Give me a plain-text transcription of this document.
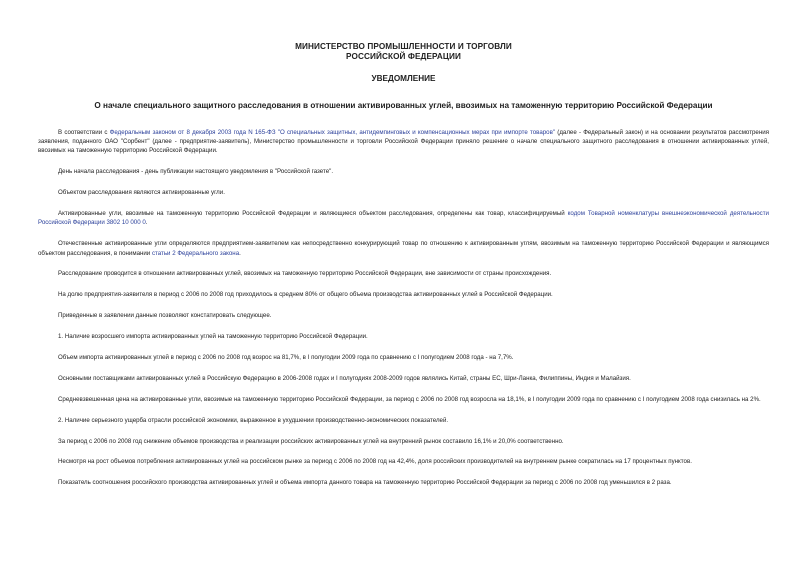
МИНИСТЕРСТВО ПРОМЫШЛЕННОСТИ И ТОРГОВЛИ
РОССИЙСКОЙ ФЕДЕРАЦИИ
УВЕДОМЛЕНИЕ
О начале специального защитного расследования в отношении активированных углей, ввозимых на таможенную территорию Российской Федерации

В соответствии с Федеральным законом от 8 декабря 2003 года N 165-ФЗ "О специальных защитных, антидемпинговых и компенсационных мерах при импорте товаров" (далее - Федеральный закон) и на основании результатов рассмотрения заявления, поданного ОАО "Сорбент" (далее - предприятие-заявитель), Министерство промышленности и торговли Российской Федерации приняло решение о начале специального защитного расследования в отношении активированных углей, ввозимых на таможенную территорию Российской Федерации.

День начала расследования - день публикации настоящего уведомления в "Российской газете".

Объектом расследования являются активированные угли.

Активированные угли, ввозимые на таможенную территорию Российской Федерации и являющиеся объектом расследования, определены как товар, классифицируемый кодом Товарной номенклатуры внешнеэкономической деятельности Российской Федерации 3802 10 000 0.

Отечественные активированные угли определяются предприятием-заявителем как непосредственно конкурирующий товар по отношению к активированным углям, ввозимым на таможенную территорию Российской Федерации и являющимся объектом расследования, в понимании статьи 2 Федерального закона.

Расследование проводится в отношении активированных углей, ввозимых на таможенную территорию Российской Федерации, вне зависимости от страны происхождения.

На долю предприятия-заявителя в период с 2006 по 2008 год приходилось в среднем 80% от общего объема производства активированных углей в Российской Федерации.

Приведенные в заявлении данные позволяют констатировать следующее.

1. Наличие возросшего импорта активированных углей на таможенную территорию Российской Федерации.

Объем импорта активированных углей в период с 2006 по 2008 год возрос на 81,7%, в I полугодии 2009 года по сравнению с I полугодием 2008 года - на 7,7%.

Основными поставщиками активированных углей в Российскую Федерацию в 2006-2008 годах и I полугодиях 2008-2009 годов являлись Китай, страны ЕС, Шри-Ланка, Филиппины, Индия и Малайзия.

Средневзвешенная цена на активированные угли, ввозимые на таможенную территорию Российской Федерации, за период с 2006 по 2008 год возросла на 18,1%, в I полугодии 2009 года по сравнению с I полугодием 2008 года снизилась на 2%.

2. Наличие серьезного ущерба отрасли российской экономики, выраженное в ухудшении производственно-экономических показателей.

За период с 2006 по 2008 год снижение объемов производства и реализации российских активированных углей на внутренний рынок составило 16,1% и 20,0% соответственно.

Несмотря на рост объемов потребления активированных углей на российском рынке за период с 2006 по 2008 год на 42,4%, доля российских производителей на внутреннем рынке сократилась на 17 процентных пунктов.

Показатель соотношения российского производства активированных углей и объема импорта данного товара на таможенную территорию Российской Федерации за период с 2006 по 2008 год уменьшился в 2 раза.
